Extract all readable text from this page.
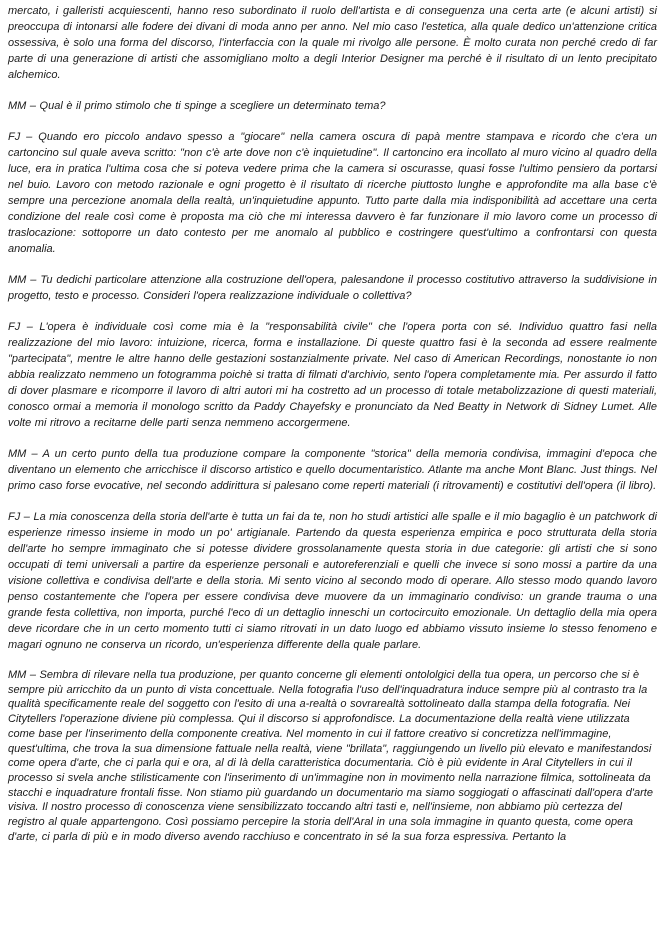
mercato, i galleristi acquiescenti, hanno reso subordinato il ruolo dell'artista e di conseguenza una certa arte (e alcuni artisti) si preoccupa di intonarsi alle fodere dei divani di moda anno per anno. Nel mio caso l'estetica, alla quale dedico un'attenzione critica ossessiva, è solo una forma del discorso, l'interfaccia con la quale mi rivolgo alle persone. È molto curata non perché credo di far parte di una generazione di artisti che assomigliano molto a degli Interior Designer ma perché è il risultato di un lento precipitato alchemico.

MM – Qual è il primo stimolo che ti spinge a scegliere un determinato tema?

FJ – Quando ero piccolo andavo spesso a "giocare" nella camera oscura di papà mentre stampava e ricordo che c'era un cartoncino sul quale aveva scritto: "non c'è arte dove non c'è inquietudine". Il cartoncino era incollato al muro vicino al quadro della luce, era in pratica l'ultima cosa che si poteva vedere prima che la camera si oscurasse, quasi fosse l'ultimo pensiero da portarsi nel buio. Lavoro con metodo razionale e ogni progetto è il risultato di ricerche piuttosto lunghe e approfondite ma alla base c'è sempre una percezione anomala della realtà, un'inquietudine appunto. Tutto parte dalla mia indisponibilità ad accettare una certa condizione del reale così come è proposta ma ciò che mi interessa davvero è far funzionare il mio lavoro come un processo di traslocazione: sottoporre un dato contesto per me anomalo al pubblico e costringere quest'ultimo a confrontarsi con questa anomalia.

MM – Tu dedichi particolare attenzione alla costruzione dell'opera, palesandone il processo costitutivo attraverso la suddivisione in progetto, testo e processo. Consideri l'opera realizzazione individuale o collettiva?

FJ – L'opera è individuale così come mia è la "responsabilità civile" che l'opera porta con sé. Individuo quattro fasi nella realizzazione del mio lavoro: intuizione, ricerca, forma e installazione. Di queste quattro fasi è la seconda ad essere realmente "partecipata", mentre le altre hanno delle gestazioni sostanzialmente private. Nel caso di American Recordings, nonostante io non abbia realizzato nemmeno un fotogramma poichè si tratta di filmati d'archivio, sento l'opera completamente mia. Per assurdo il fatto di dover plasmare e ricomporre il lavoro di altri autori mi ha costretto ad un processo di totale metabolizzazione di questi materiali, conosco ormai a memoria il monologo scritto da Paddy Chayefsky e pronunciato da Ned Beatty in Network di Sidney Lumet. Alle volte mi ritrovo a recitarne delle parti senza nemmeno accorgermene.

MM – A un certo punto della tua produzione compare la componente "storica" della memoria condivisa, immagini d'epoca che diventano un elemento che arricchisce il discorso artistico e quello documentaristico. Atlante ma anche Mont Blanc. Just things. Nel primo caso forse evocative, nel secondo addirittura si palesano come reperti materiali (i ritrovamenti) e costitutivi dell'opera (il libro).

FJ – La mia conoscenza della storia dell'arte è tutta un fai da te, non ho studi artistici alle spalle e il mio bagaglio è un patchwork di esperienze rimesso insieme in modo un po' artigianale. Partendo da questa esperienza empirica e poco strutturata della storia dell'arte ho sempre immaginato che si potesse dividere grossolanamente questa storia in due categorie: gli artisti che si sono occupati di temi universali a partire da esperienze personali e autoreferenziali e quelli che invece si sono mossi a partire da una visione collettiva e condivisa dell'arte e della storia. Mi sento vicino al secondo modo di operare. Allo stesso modo quando lavoro penso costantemente che l'opera per essere condivisa deve muovere da un immaginario condiviso: un grande trauma o una grande festa collettiva, non importa, purché l'eco di un dettaglio inneschi un cortocircuito emozionale. Un dettaglio della mia opera deve ricordare che in un certo momento tutti ci siamo ritrovati in un dato luogo ed abbiamo vissuto insieme lo stesso fenomeno e magari ognuno ne conserva un ricordo, un'esperienza differente della quale parlare.

MM – Sembra di rilevare nella tua produzione, per quanto concerne gli elementi ontololgici della tua opera, un percorso che si è sempre più arricchito da un punto di vista concettuale. Nella fotografia l'uso dell'inquadratura induce sempre più al contrasto tra la qualità specificamente reale del soggetto con l'esito di una a-realtà o sovrarealtà sottolineato dalla stampa della fotografia. Nei Citytellers l'operazione diviene più complessa. Qui il discorso si approfondisce. La documentazione della realtà viene utilizzata come base per l'inserimento della componente creativa. Nel momento in cui il fattore creativo si concretizza nell'immagine, quest'ultima, che trova la sua dimensione fattuale nella realtà, viene "brillata", raggiungendo un livello più elevato e manifestandosi come opera d'arte, che ci parla qui e ora, al di là della caratteristica documentaria. Ciò è più evidente in Aral Citytellers in cui il processo si svela anche stilisticamente con l'inserimento di un'immagine non in movimento nella narrazione filmica, sottolineata da stacchi e inquadrature frontali fisse. Non stiamo più guardando un documentario ma siamo soggiogati o affascinati dall'opera d'arte visiva. Il nostro processo di conoscenza viene sensibilizzato toccando altri tasti e, nell'insieme, non abbiamo più certezza del registro al quale appartengono. Così possiamo percepire la storia dell'Aral in una sola immagine in quanto questa, come opera d'arte, ci parla di più e in modo diverso avendo racchiuso e concentrato in sé la sua forza espressiva. Pertanto la
